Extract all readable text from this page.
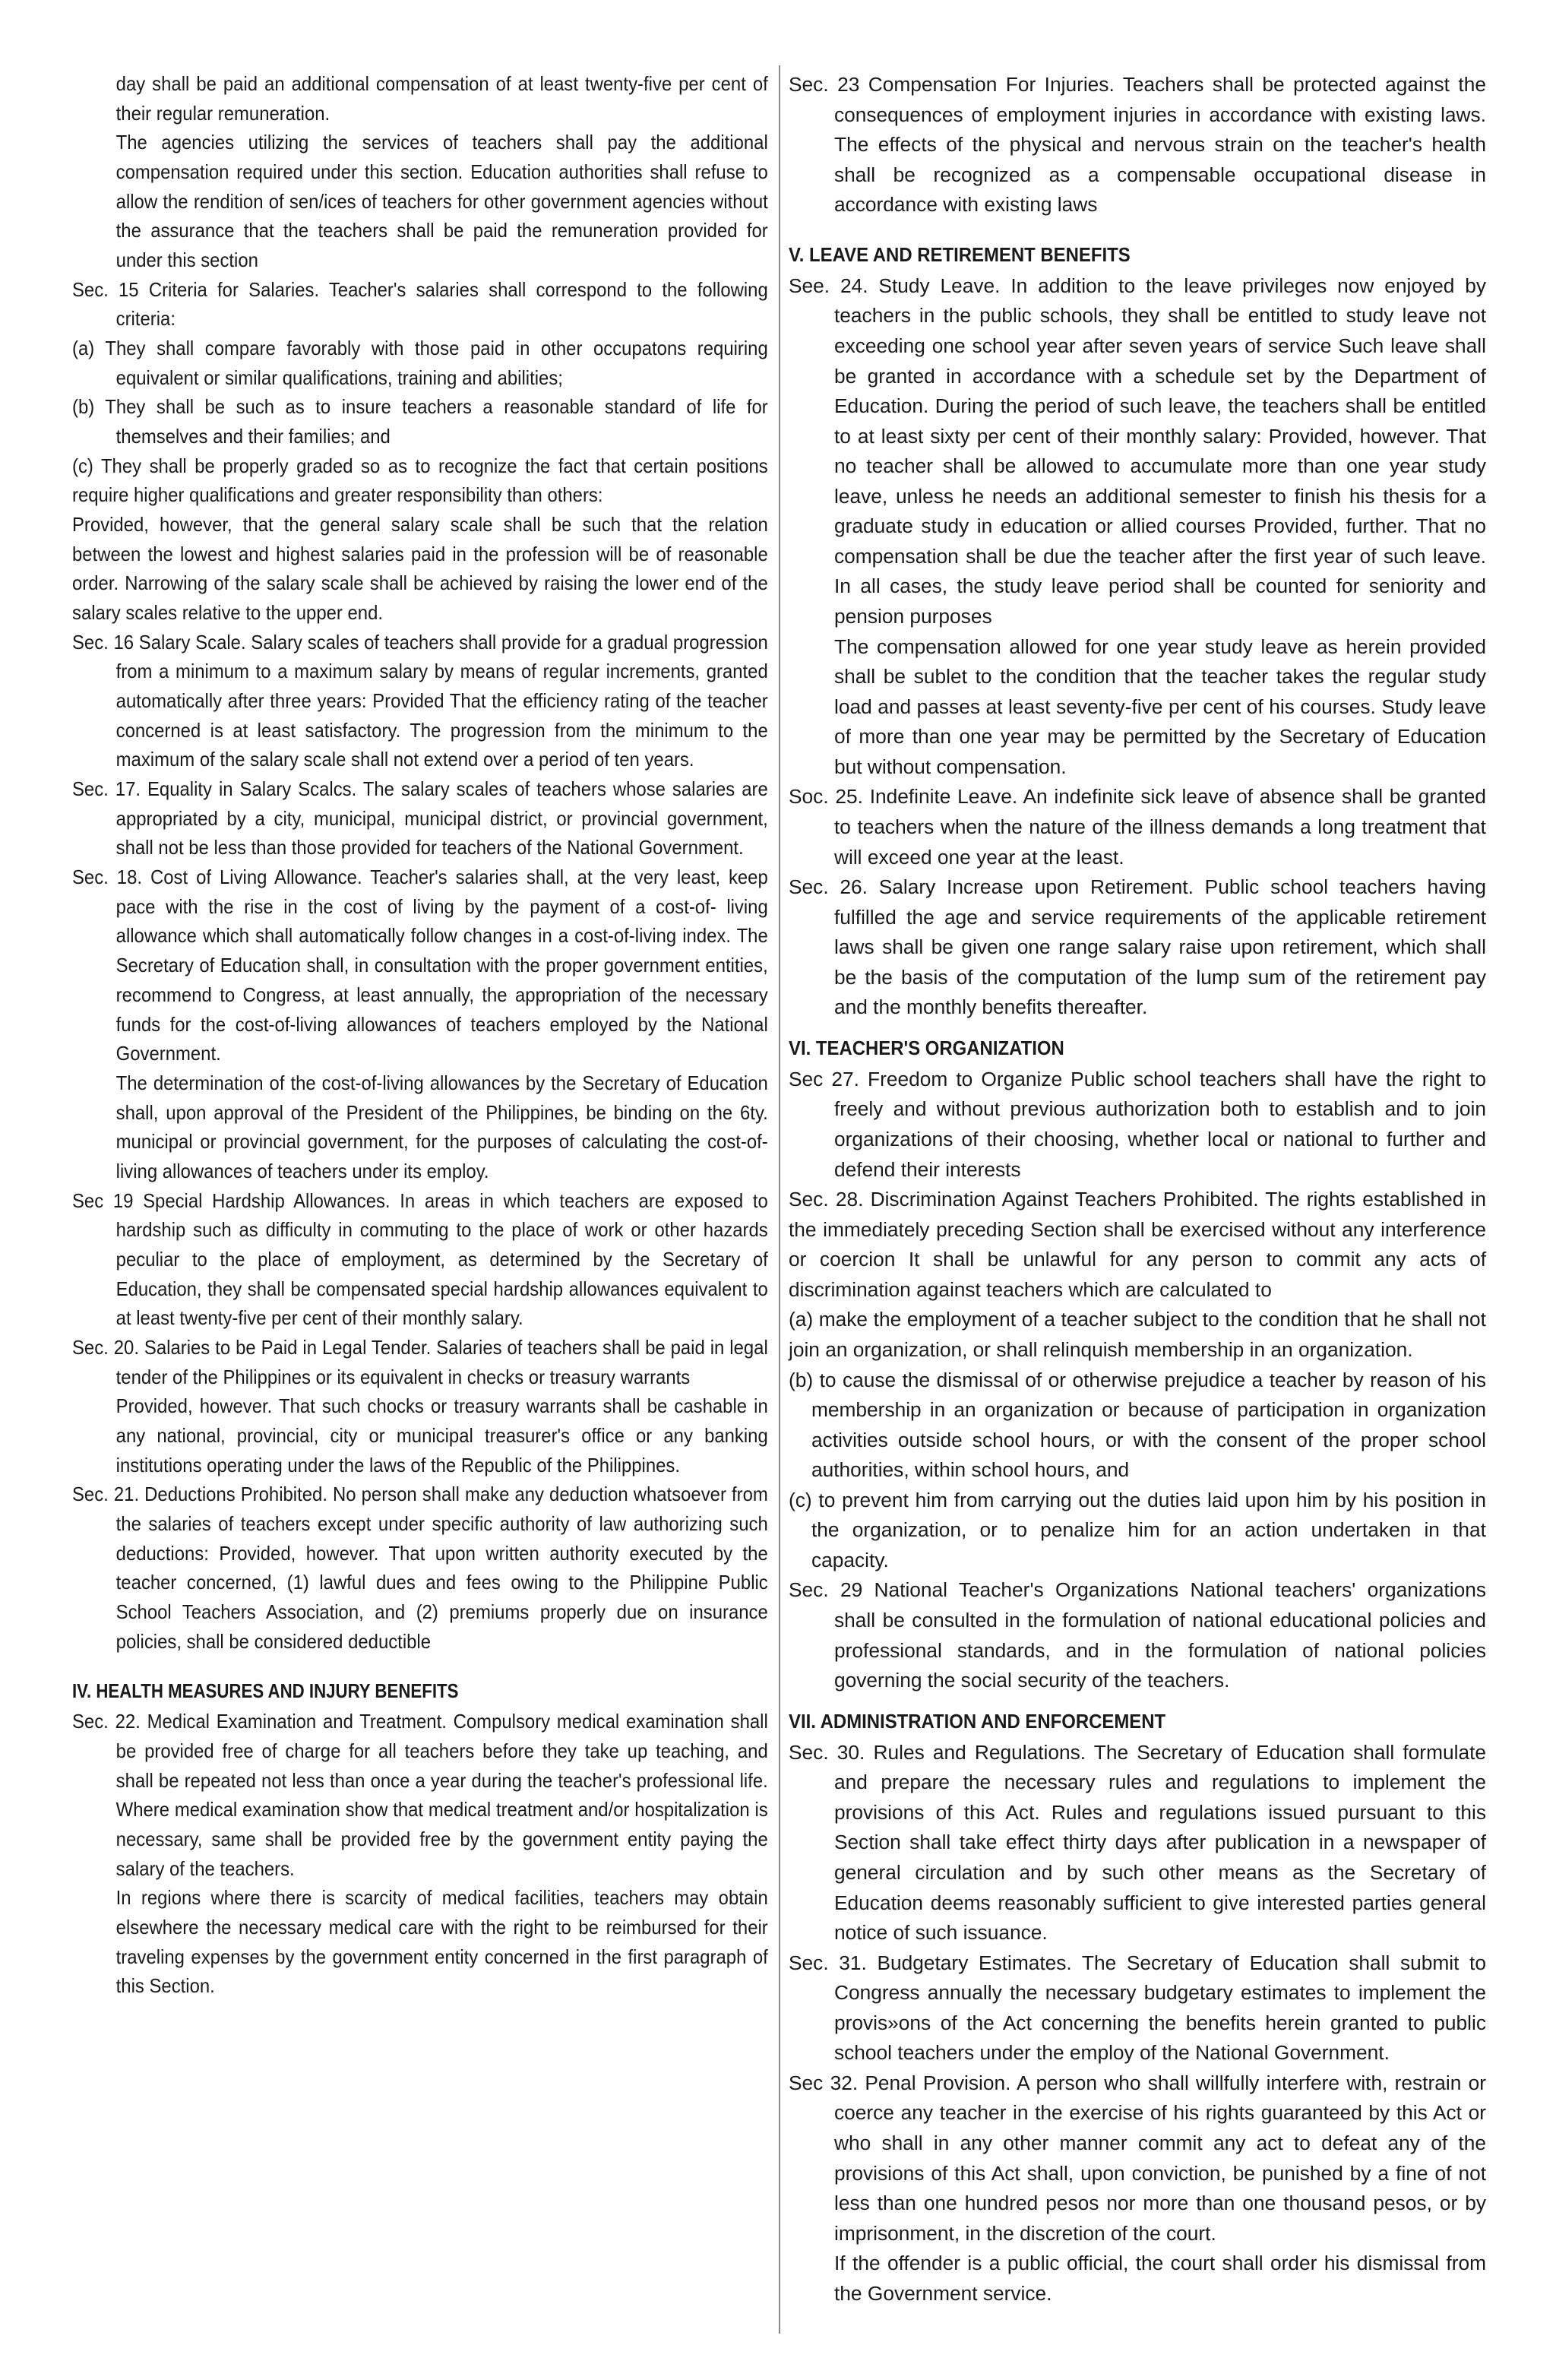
day shall be paid an additional compensation of at least twenty-five per cent of their regular remuneration.

The agencies utilizing the services of teachers shall pay the additional compensation required under this section. Education authorities shall refuse to allow the rendition of sen/ices of teachers for other government agencies without the assurance that the teachers shall be paid the remuneration provided for under this section

Sec. 15 Criteria for Salaries. Teacher's salaries shall correspond to the following criteria:

(a) They shall compare favorably with those paid in other occupatons requiring equivalent or similar qualifications, training and abilities;

(b) They shall be such as to insure teachers a reasonable standard of life for themselves and their families; and

(c) They shall be properly graded so as to recognize the fact that certain positions require higher qualifications and greater responsibility than others:

Provided, however, that the general salary scale shall be such that the relation between the lowest and highest salaries paid in the profession will be of reasonable order. Narrowing of the salary scale shall be achieved by raising the lower end of the salary scales relative to the upper end.

Sec. 16 Salary Scale. Salary scales of teachers shall provide for a gradual progression from a minimum to a maximum salary by means of regular increments, granted automatically after three years: Provided That the efficiency rating of the teacher concerned is at least satisfactory. The progression from the minimum to the maximum of the salary scale shall not extend over a period of ten years.

Sec. 17. Equality in Salary Scalcs. The salary scales of teachers whose salaries are appropriated by a city, municipal, municipal district, or provincial government, shall not be less than those provided for teachers of the National Government.

Sec. 18. Cost of Living Allowance. Teacher's salaries shall, at the very least, keep pace with the rise in the cost of living by the payment of a cost-of- living allowance which shall automatically follow changes in a cost-of-living index. The Secretary of Education shall, in consultation with the proper government entities, recommend to Congress, at least annually, the appropriation of the necessary funds for the cost-of-living allowances of teachers employed by the National Government.

The determination of the cost-of-living allowances by the Secretary of Education shall, upon approval of the President of the Philippines, be binding on the 6ty. municipal or provincial government, for the purposes of calculating the cost-of-living allowances of teachers under its employ.

Sec 19 Special Hardship Allowances. In areas in which teachers are exposed to hardship such as difficulty in commuting to the place of work or other hazards peculiar to the place of employment, as determined by the Secretary of Education, they shall be compensated special hardship allowances equivalent to at least twenty-five per cent of their monthly salary.

Sec. 20. Salaries to be Paid in Legal Tender. Salaries of teachers shall be paid in legal tender of the Philippines or its equivalent in checks or treasury warrants

Provided, however. That such chocks or treasury warrants shall be cashable in any national, provincial, city or municipal treasurer's office or any banking institutions operating under the laws of the Republic of the Philippines.

Sec. 21. Deductions Prohibited. No person shall make any deduction whatsoever from the salaries of teachers except under specific authority of law authorizing such deductions: Provided, however. That upon written authority executed by the teacher concerned, (1) lawful dues and fees owing to the Philippine Public School Teachers Association, and (2) premiums properly due on insurance policies, shall be considered deductible

IV. HEALTH MEASURES AND INJURY BENEFITS

Sec. 22. Medical Examination and Treatment. Compulsory medical examination shall be provided free of charge for all teachers before they take up teaching, and shall be repeated not less than once a year during the teacher's professional life. Where medical examination show that medical treatment and/or hospitalization is necessary, same shall be provided free by the government entity paying the salary of the teachers.

In regions where there is scarcity of medical facilities, teachers may obtain elsewhere the necessary medical care with the right to be reimbursed for their traveling expenses by the government entity concerned in the first paragraph of this Section.

Sec. 23 Compensation For Injuries. Teachers shall be protected against the consequences of employment injuries in accordance with existing laws. The effects of the physical and nervous strain on the teacher's health shall be recognized as a compensable occupational disease in accordance with existing laws

V. LEAVE AND RETIREMENT BENEFITS

See. 24. Study Leave. In addition to the leave privileges now enjoyed by teachers in the public schools, they shall be entitled to study leave not exceeding one school year after seven years of service Such leave shall be granted in accordance with a schedule set by the Department of Education. During the period of such leave, the teachers shall be entitled to at least sixty per cent of their monthly salary: Provided, however. That no teacher shall be allowed to accumulate more than one year study leave, unless he needs an additional semester to finish his thesis for a graduate study in education or allied courses Provided, further. That no compensation shall be due the teacher after the first year of such leave. In all cases, the study leave period shall be counted for seniority and pension purposes

The compensation allowed for one year study leave as herein provided shall be sublet to the condition that the teacher takes the regular study load and passes at least seventy-five per cent of his courses. Study leave of more than one year may be permitted by the Secretary of Education but without compensation.

Soc. 25. Indefinite Leave. An indefinite sick leave of absence shall be granted to teachers when the nature of the illness demands a long treatment that will exceed one year at the least.

Sec. 26. Salary Increase upon Retirement. Public school teachers having fulfilled the age and service requirements of the applicable retirement laws shall be given one range salary raise upon retirement, which shall be the basis of the computation of the lump sum of the retirement pay and the monthly benefits thereafter.

VI. TEACHER'S ORGANIZATION

Sec 27. Freedom to Organize Public school teachers shall have the right to freely and without previous authorization both to establish and to join organizations of their choosing, whether local or national to further and defend their interests

Sec. 28. Discrimination Against Teachers Prohibited. The rights established in the immediately preceding Section shall be exercised without any interference or coercion It shall be unlawful for any person to commit any acts of discrimination against teachers which are calculated to

(a) make the employment of a teacher subject to the condition that he shall not join an organization, or shall relinquish membership in an organization.

(b) to cause the dismissal of or otherwise prejudice a teacher by reason of his membership in an organization or because of participation in organization activities outside school hours, or with the consent of the proper school authorities, within school hours, and

(c) to prevent him from carrying out the duties laid upon him by his position in the organization, or to penalize him for an action undertaken in that capacity.

Sec. 29 National Teacher's Organizations National teachers' organizations shall be consulted in the formulation of national educational policies and professional standards, and in the formulation of national policies governing the social security of the teachers.

VII. ADMINISTRATION AND ENFORCEMENT

Sec. 30. Rules and Regulations. The Secretary of Education shall formulate and prepare the necessary rules and regulations to implement the provisions of this Act. Rules and regulations issued pursuant to this Section shall take effect thirty days after publication in a newspaper of general circulation and by such other means as the Secretary of Education deems reasonably sufficient to give interested parties general notice of such issuance.

Sec. 31. Budgetary Estimates. The Secretary of Education shall submit to Congress annually the necessary budgetary estimates to implement the provis»ons of the Act concerning the benefits herein granted to public school teachers under the employ of the National Government.

Sec 32. Penal Provision. A person who shall willfully interfere with, restrain or coerce any teacher in the exercise of his rights guaranteed by this Act or who shall in any other manner commit any act to defeat any of the provisions of this Act shall, upon conviction, be punished by a fine of not less than one hundred pesos nor more than one thousand pesos, or by imprisonment, in the discretion of the court.

If the offender is a public official, the court shall order his dismissal from the Government service.
